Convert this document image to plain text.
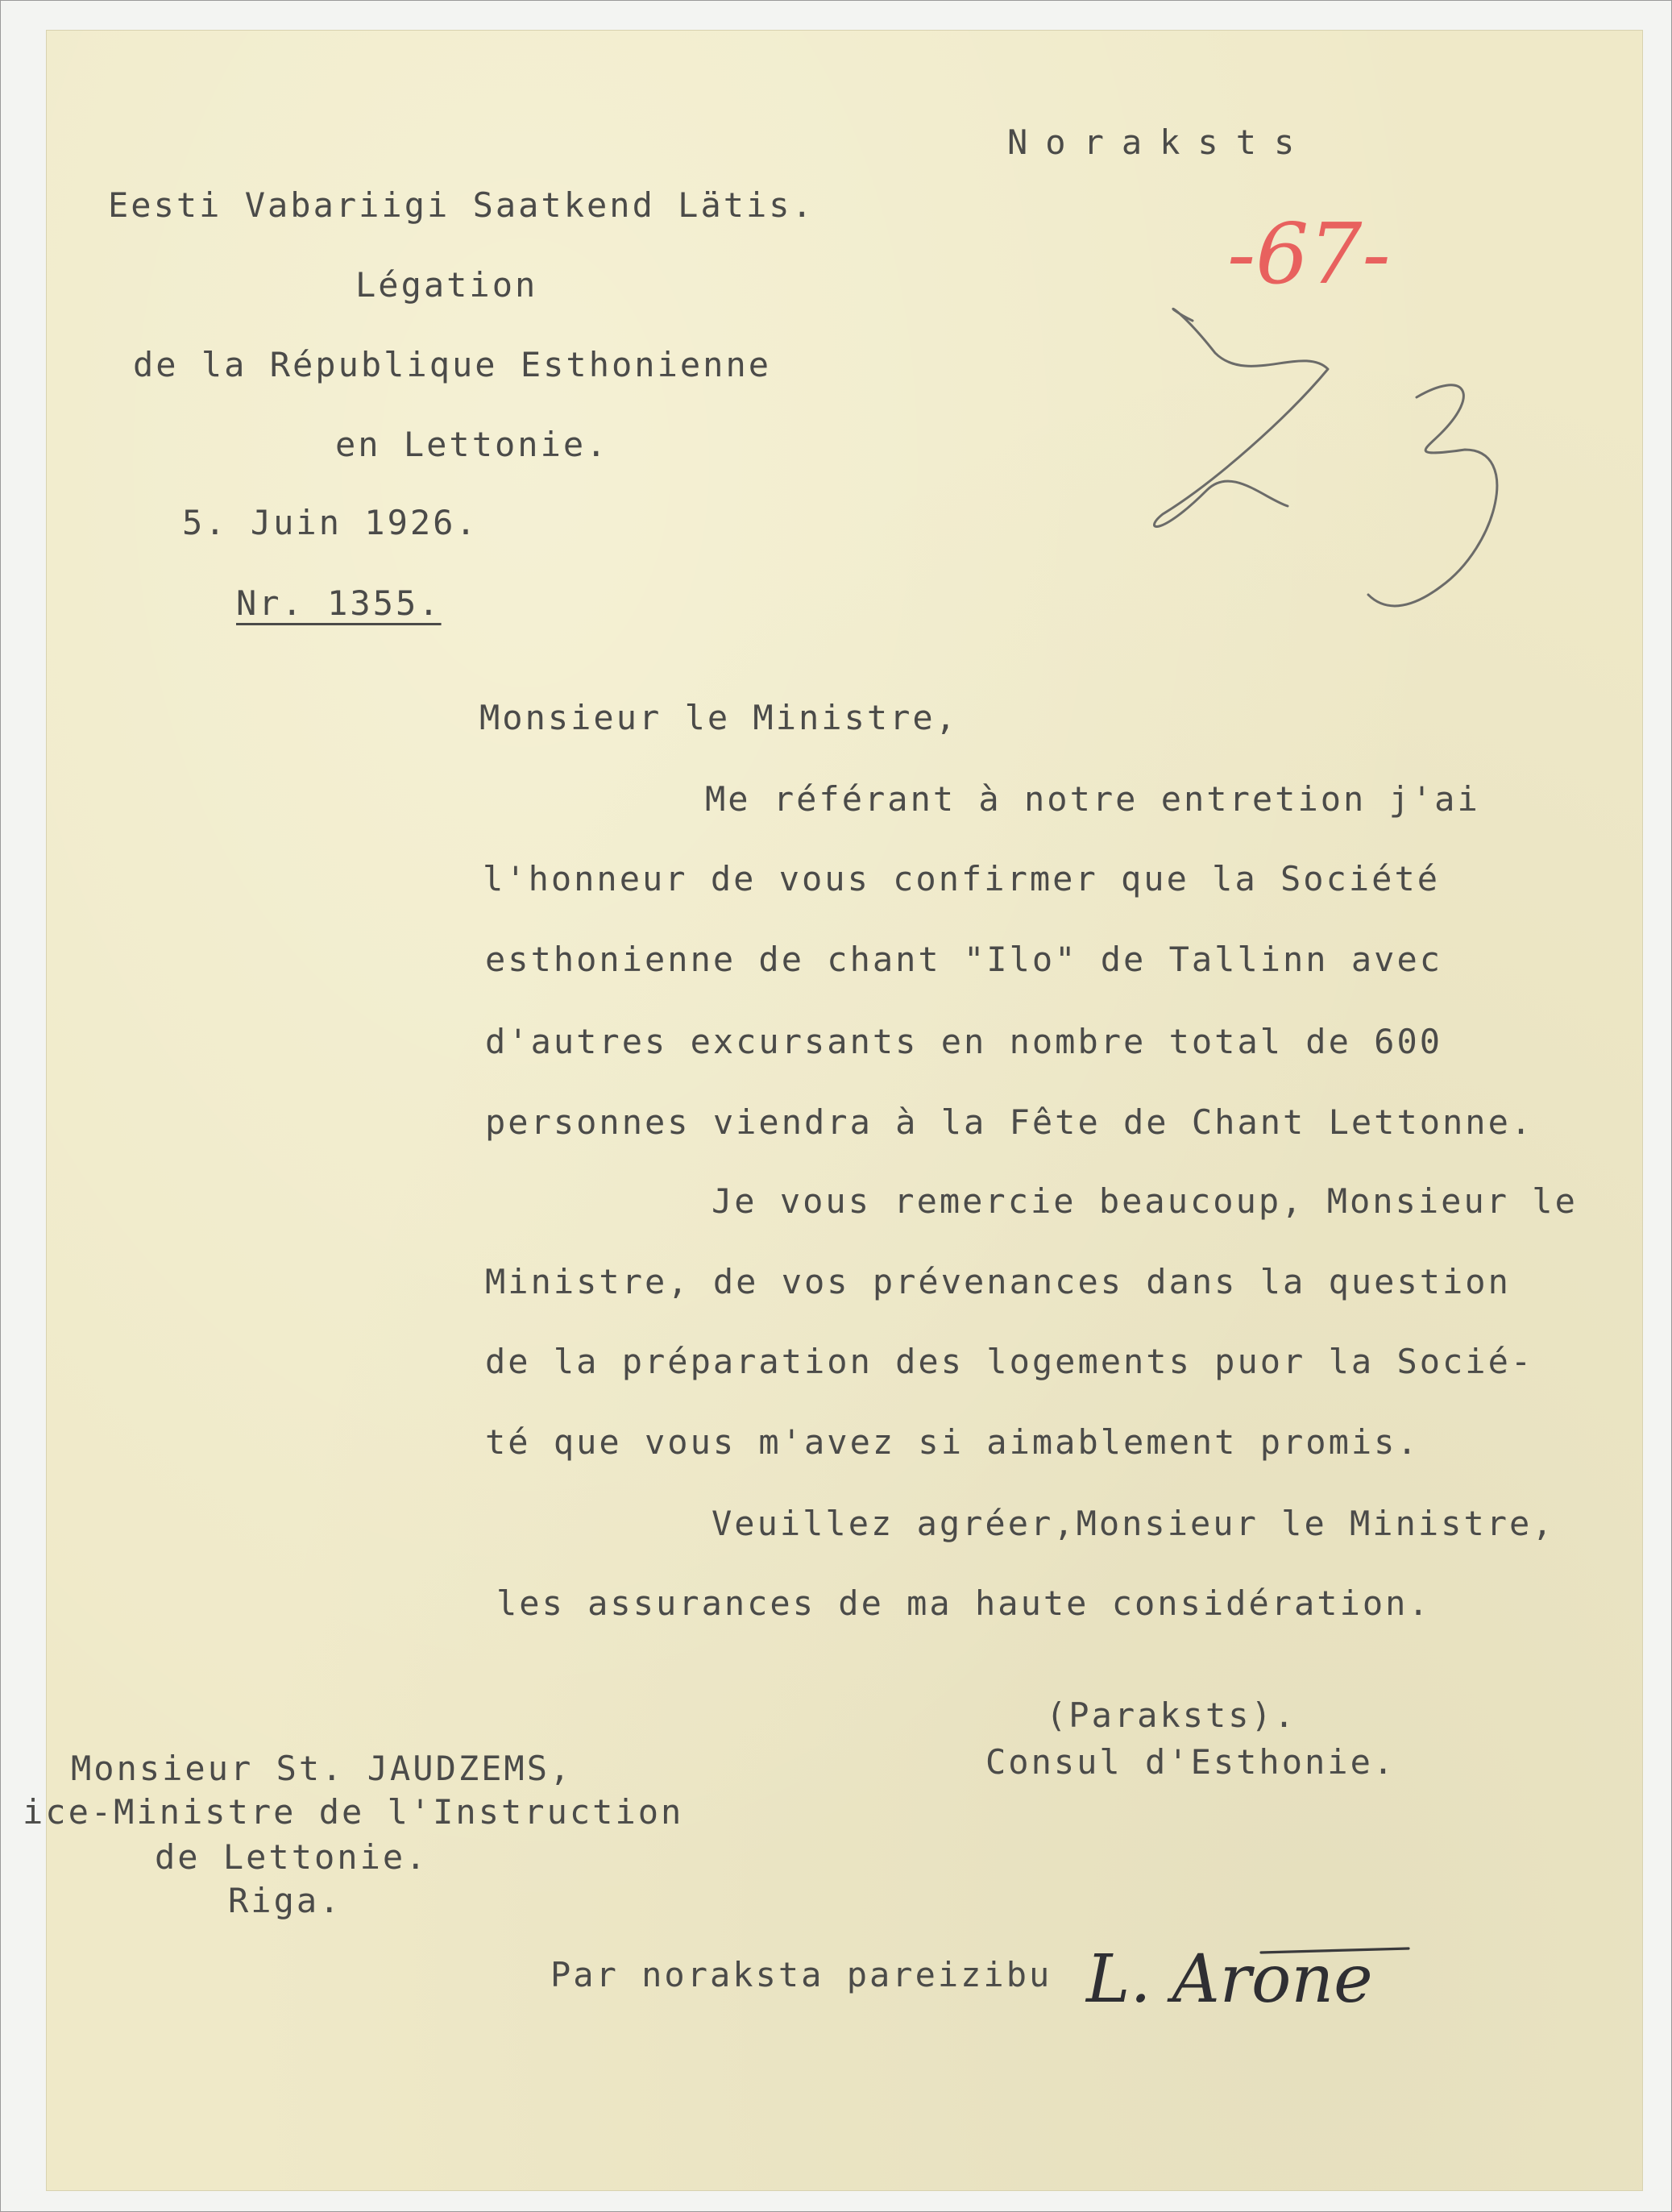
Noraksts
Eesti Vabariigi Saatkend Lätis.
Légation
de la République Esthonienne
en Lettonie.
5. Juin 1926.
Nr. 1355.
-67-
Monsieur le Ministre,
Me référant à notre entretion j'ai
l'honneur de vous confirmer que la Société
esthonienne de chant "Ilo" de Tallinn avec
d'autres excursants en nombre total de 600
personnes viendra à la Fête de Chant Lettonne.
Je vous remercie beaucoup, Monsieur le
Ministre, de vos prévenances dans la question
de la préparation des logements puor la Socié-
té que vous m'avez si aimablement promis.
Veuillez agréer,Monsieur le Ministre,
les assurances de ma haute considération.
(Paraksts).
Consul d'Esthonie.
Monsieur St. JAUDZEMS,
ice-Ministre de l'Instruction
de Lettonie.
Riga.
Par noraksta pareizibu L. Arone
